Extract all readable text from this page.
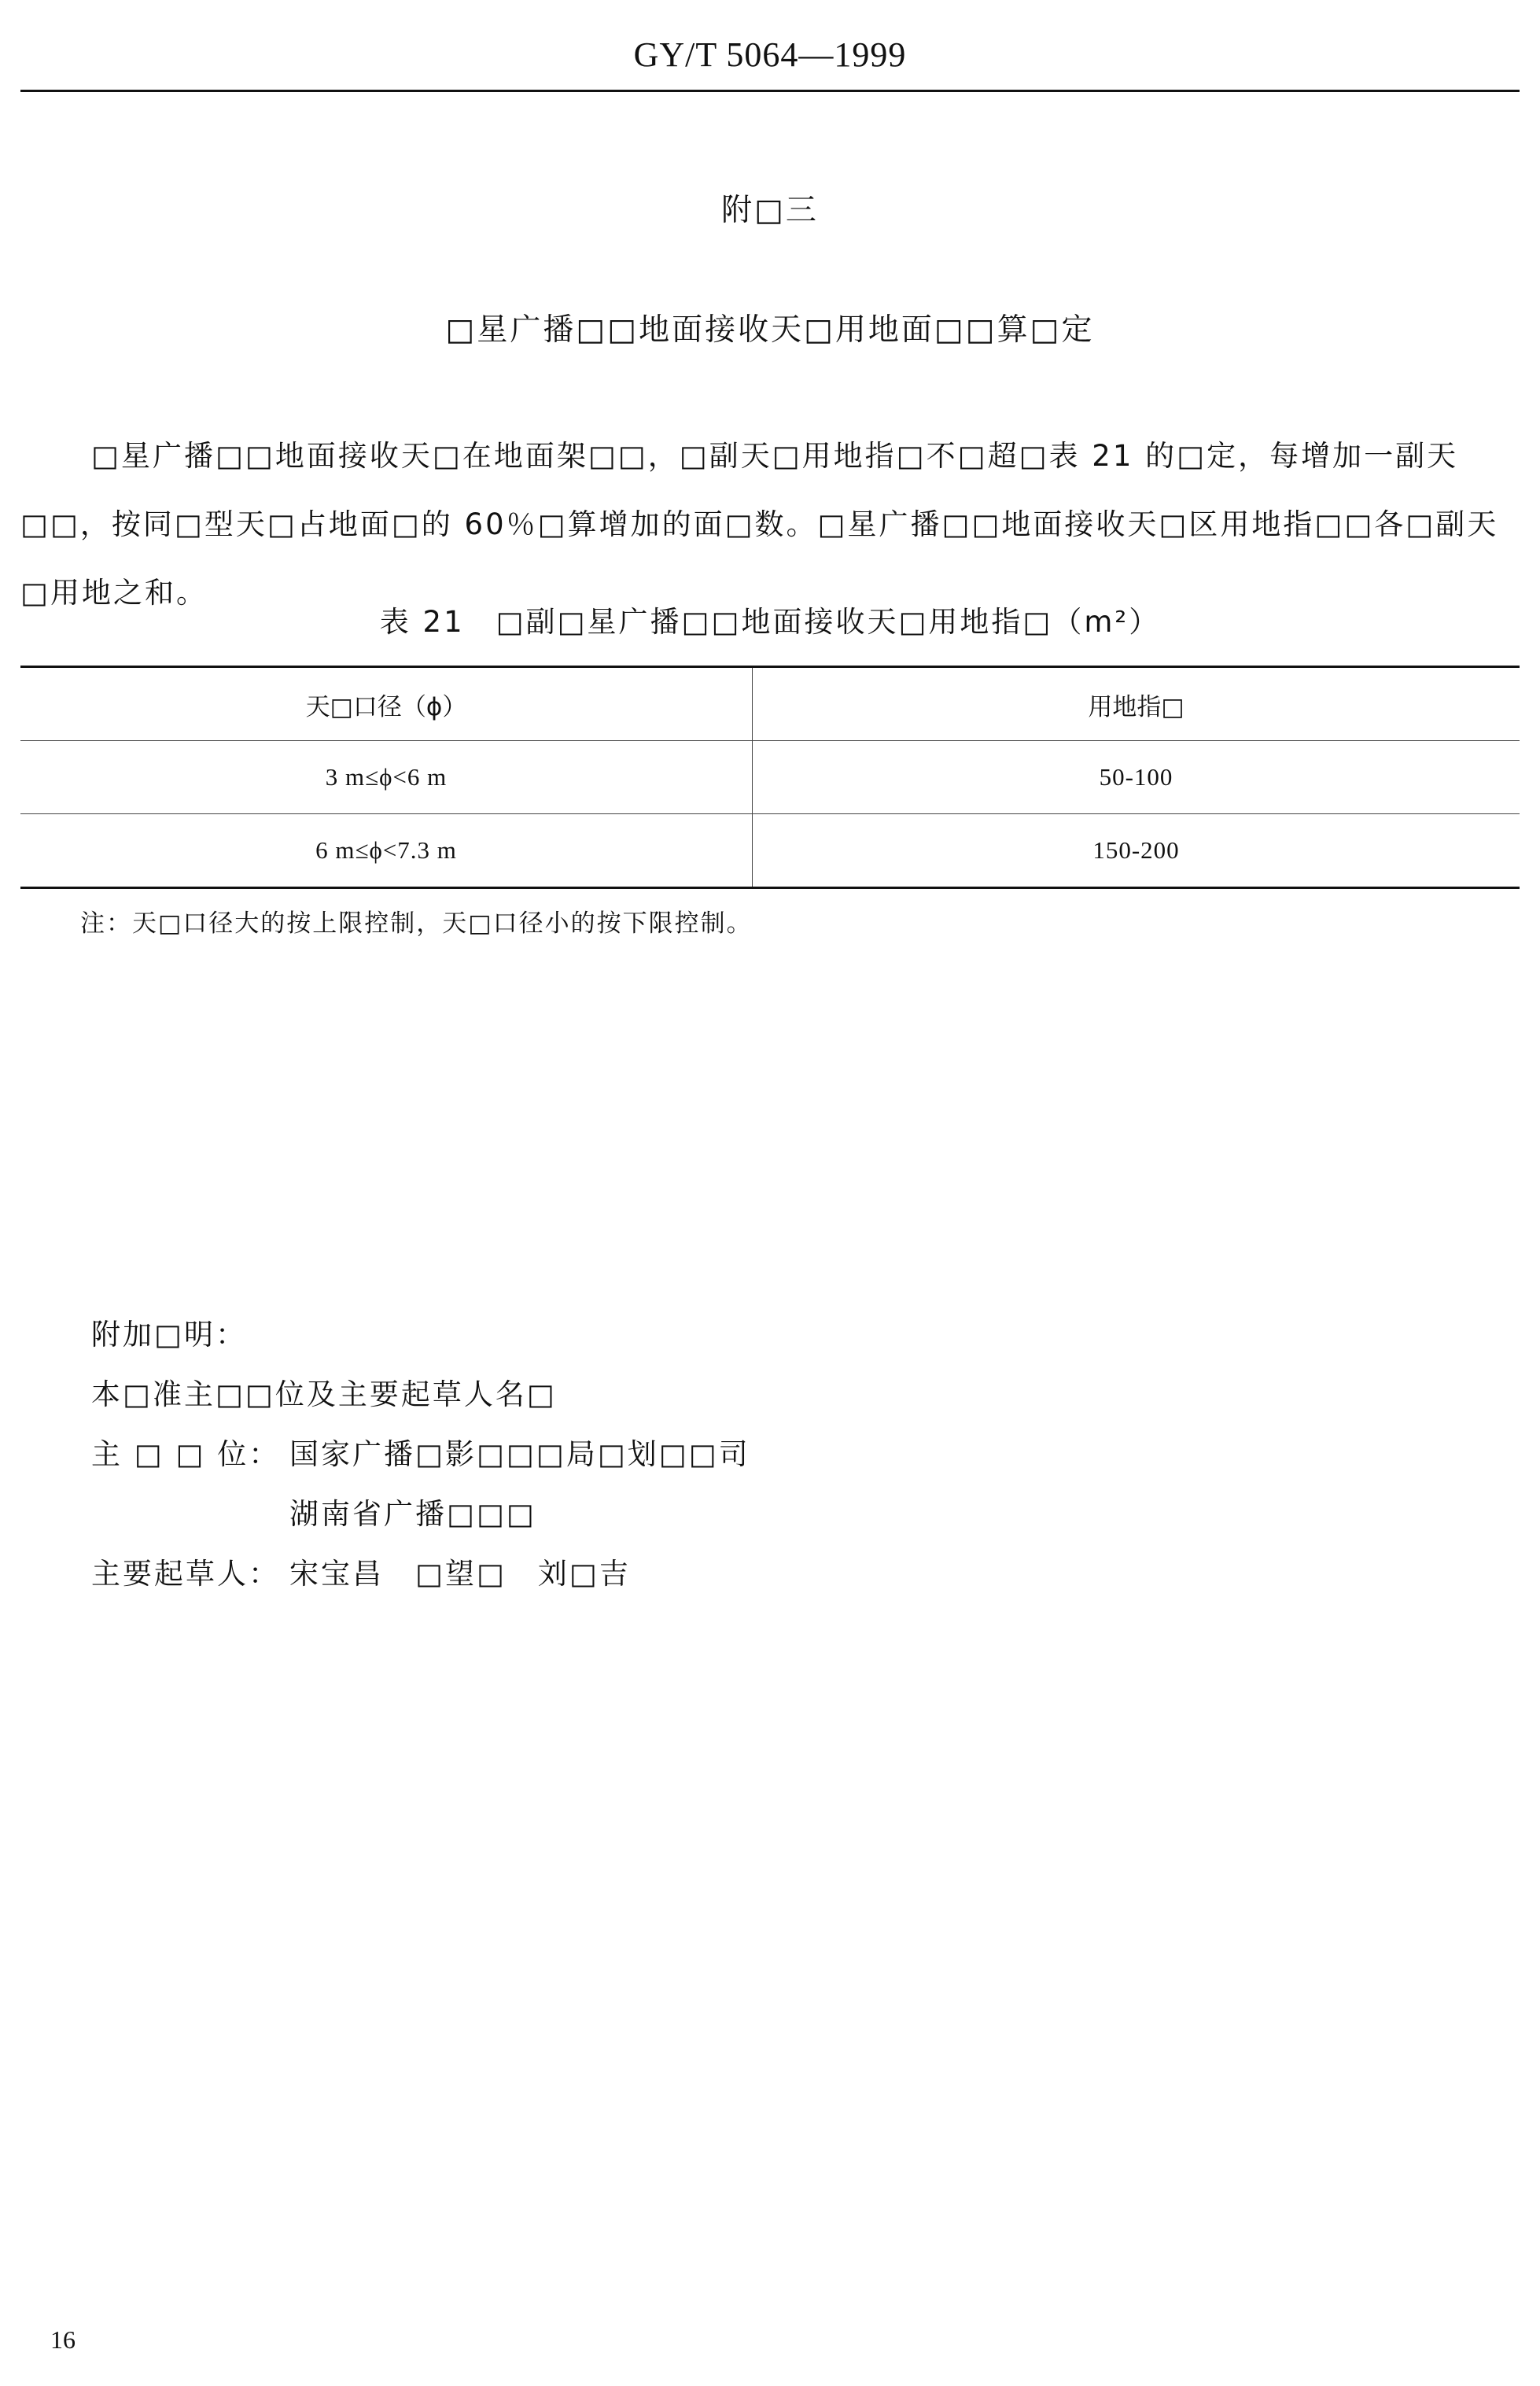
GY/T 5064—1999
附□三
□星广播□□地面接收天□用地面□□算□定

□星广播□□地面接收天□在地面架□□，□副天□用地指□不□超□表 21 的□定，每增加一副天□□，按同□型天□占地面□的 60％□算增加的面□数。□星广播□□地面接收天□区用地指□□各□副天□用地之和。

表 21　□副□星广播□□地面接收天□用地指□（m²）
天□口径（ϕ）	用地指□
3 m≤ϕ<6 m	50-100
6 m≤ϕ<7.3 m	150-200
注：天□口径大的按上限控制，天□口径小的按下限控制。
附加□明：
本□准主□□位及主要起草人名□
主 □ □ 位： 国家广播□影□□□局□划□□司
湖南省广播□□□
主要起草人： 宋宝昌　□望□　刘□吉
16
